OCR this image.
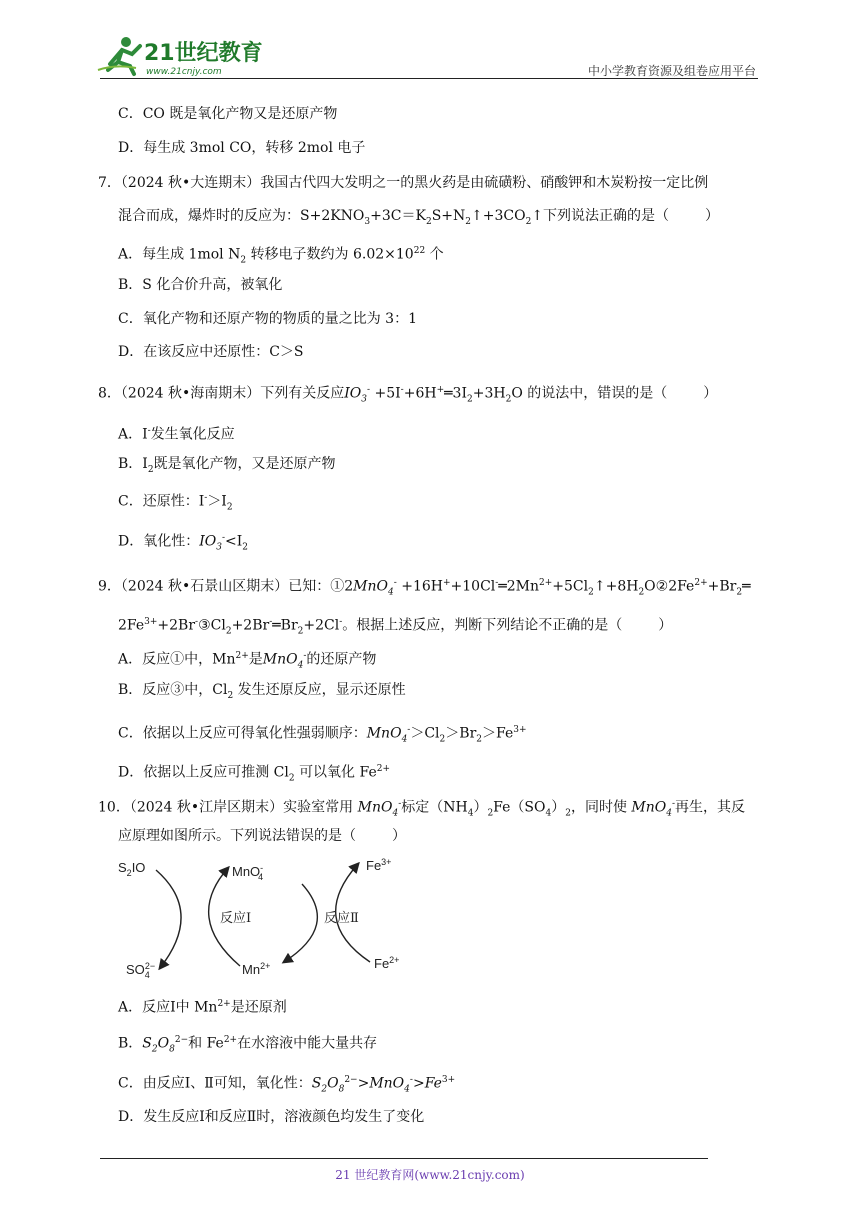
21世纪教育
www.21cnjy.com	中小学教育资源及组卷应用平台
C．CO 既是氧化产物又是还原产物
D．每生成 3mol CO，转移 2mol 电子
7．（2024 秋•大连期末）我国古代四大发明之一的黑火药是由硫磺粉、硝酸钾和木炭粉按一定比例
混合而成，爆炸时的反应为：$S+2KNO_3+3C=K_2S+N_2↑+3CO_2↑$下列说法正确的是（	）
A．每生成 1mol $N_2$ 转移电子数约为 $6.02\times 10^{22}$ 个
B．S 化合价升高，被氧化
C．氧化产物和还原产物的物质的量之比为 3：1
D．在该反应中还原性：C＞S
8．（2024 秋•海南期末）下列有关反应$IO_3^-$ $+5I^-+6H^+═3I_2+3H_2O$ 的说法中，错误的是（	）
A．I-发生氧化反应
B．$I_2$既是氧化产物，又是还原产物
C．还原性：$I^->I_2$
D．氧化性：$IO_3^-<I_2$
9．（2024 秋•石景山区期末）已知：①2MnO$_4$- $+16H^++10Cl^-═2Mn^{2+}+5Cl_2↑+8H_2O②2Fe^{2+}+Br_2═$
$2Fe^{3+}+2Br^-③Cl_2+2Br^-═Br_2+2Cl^-$。根据上述反应，判断下列结论不正确的是（	）
A．反应①中，$Mn^{2+}$是MnO$_4$-的还原产物
B．反应③中，$Cl_2$ 发生还原反应，显示还原性
C．依据以上反应可得氧化性强弱顺序：$MnO_4^->Cl_2>Br_2>Fe^{3+}$
D．依据以上反应可推测 $Cl_2$ 可以氧化 $Fe^{2+}$
10．（2024 秋•江岸区期末）实验室常用 MnO$_4$-标定$(NH_4)_2Fe(SO_4)_2$，同时使 MnO$_4$-再生，其反
应原理如图所示。下列说法错误的是（	）
$S_2IO$	MnO-4
$Fe^{3+}$
反应Ⅰ	反应Ⅱ
$SO_42-$	$Mn^{2+}$	$Fe^{2+}$
A．反应Ⅰ中 $Mn^{2+}$是还原剂
B．$S_2O_8^{2-}$和 $Fe^{2+}$在水溶液中能大量共存
C．由反应Ⅰ、Ⅱ可知，氧化性：$S_2O_8^{2-}>MnO_4^->Fe^{3+}$
D．发生反应Ⅰ和反应Ⅱ时，溶液颜色均发生了变化
21 世纪教育网(www.21cnjy.com)
